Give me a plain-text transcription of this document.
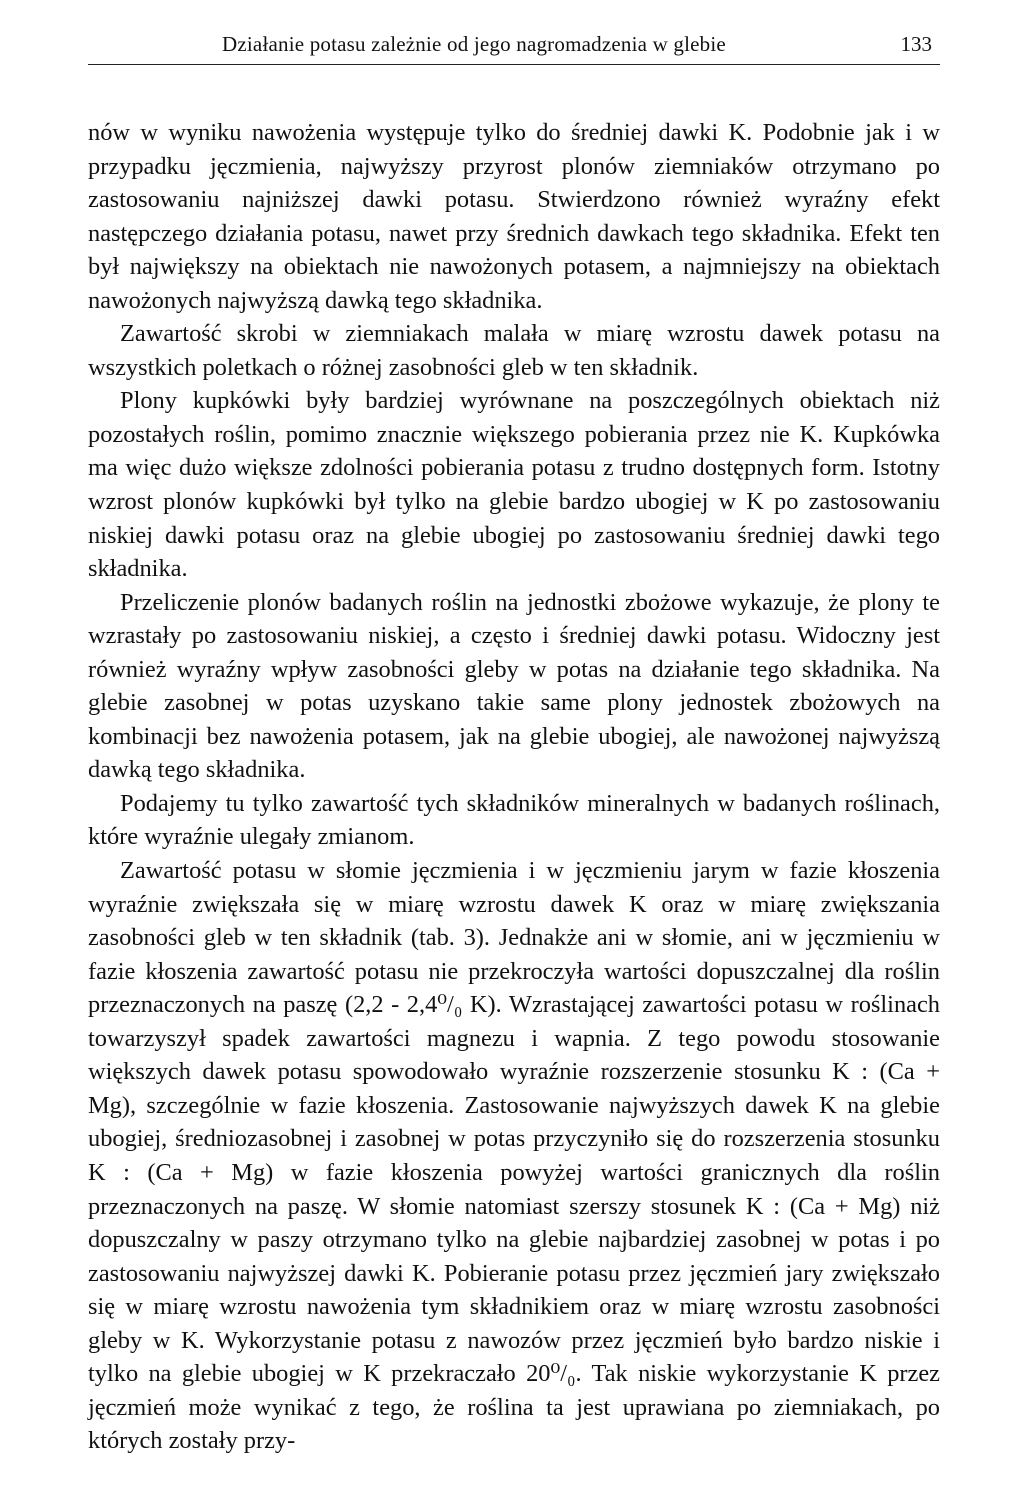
Działanie potasu zależnie od jego nagromadzenia w glebie	133

nów w wyniku nawożenia występuje tylko do średniej dawki K. Podobnie jak i w przypadku jęczmienia, najwyższy przyrost plonów ziemniaków otrzymano po zastosowaniu najniższej dawki potasu. Stwierdzono również wyraźny efekt następczego działania potasu, nawet przy średnich dawkach tego składnika. Efekt ten był największy na obiektach nie nawożonych potasem, a najmniejszy na obiektach nawożonych najwyższą dawką tego składnika.

Zawartość skrobi w ziemniakach malała w miarę wzrostu dawek potasu na wszystkich poletkach o różnej zasobności gleb w ten składnik.

Plony kupkówki były bardziej wyrównane na poszczególnych obiektach niż pozostałych roślin, pomimo znacznie większego pobierania przez nie K. Kupkówka ma więc dużo większe zdolności pobierania potasu z trudno dostępnych form. Istotny wzrost plonów kupkówki był tylko na glebie bardzo ubogiej w K po zastosowaniu niskiej dawki potasu oraz na glebie ubogiej po zastosowaniu średniej dawki tego składnika.

Przeliczenie plonów badanych roślin na jednostki zbożowe wykazuje, że plony te wzrastały po zastosowaniu niskiej, a często i średniej dawki potasu. Widoczny jest również wyraźny wpływ zasobności gleby w potas na działanie tego składnika. Na glebie zasobnej w potas uzyskano takie same plony jednostek zbożowych na kombinacji bez nawożenia potasem, jak na glebie ubogiej, ale nawożonej najwyższą dawką tego składnika.

Podajemy tu tylko zawartość tych składników mineralnych w badanych roślinach, które wyraźnie ulegały zmianom.

Zawartość potasu w słomie jęczmienia i w jęczmieniu jarym w fazie kłoszenia wyraźnie zwiększała się w miarę wzrostu dawek K oraz w miarę zwiększania zasobności gleb w ten składnik (tab. 3). Jednakże ani w słomie, ani w jęczmieniu w fazie kłoszenia zawartość potasu nie przekroczyła wartości dopuszczalnej dla roślin przeznaczonych na paszę (2,2 - 2,4⁰/₀ K). Wzrastającej zawartości potasu w roślinach towarzyszył spadek zawartości magnezu i wapnia. Z tego powodu stosowanie większych dawek potasu spowodowało wyraźnie rozszerzenie stosunku K : (Ca + Mg), szczególnie w fazie kłoszenia. Zastosowanie najwyższych dawek K na glebie ubogiej, średniozasobnej i zasobnej w potas przyczyniło się do rozszerzenia stosunku K : (Ca + Mg) w fazie kłoszenia powyżej wartości granicznych dla roślin przeznaczonych na paszę. W słomie natomiast szerszy stosunek K : (Ca + Mg) niż dopuszczalny w paszy otrzymano tylko na glebie najbardziej zasobnej w potas i po zastosowaniu najwyższej dawki K. Pobieranie potasu przez jęczmień jary zwiększało się w miarę wzrostu nawożenia tym składnikiem oraz w miarę wzrostu zasobności gleby w K. Wykorzystanie potasu z nawozów przez jęczmień było bardzo niskie i tylko na glebie ubogiej w K przekraczało 20⁰/₀. Tak niskie wykorzystanie K przez jęczmień może wynikać z tego, że roślina ta jest uprawiana po ziemniakach, po których zostały przy-
